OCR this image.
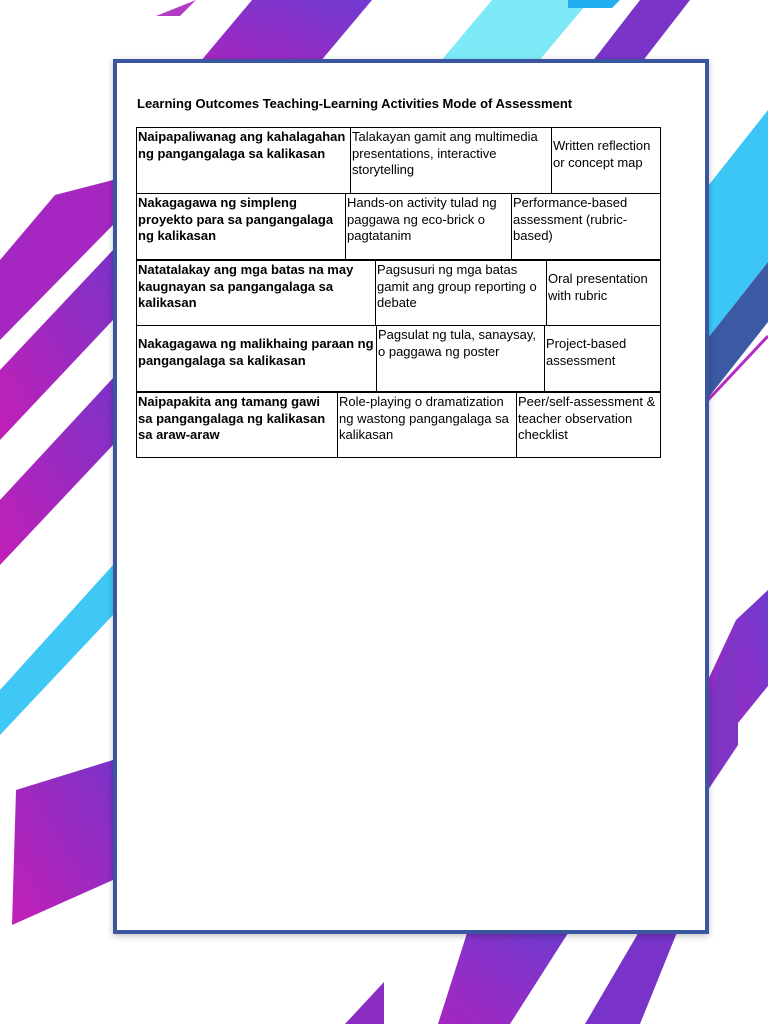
Learning Outcomes Teaching-Learning Activities Mode of Assessment
Naipapaliwanag ang kahalagahan ng pangangalaga sa kalikasan
Talakayan gamit ang multimedia presentations, interactive storytelling
Written reflection or concept map
Nakagagawa ng simpleng proyekto para sa pangangalaga ng kalikasan
Hands-on activity tulad ng paggawa ng eco-brick o pagtatanim
Performance-based assessment (rubric-based)
Natatalakay ang mga batas na may kaugnayan sa pangangalaga sa kalikasan
Pagsusuri ng mga batas gamit ang group reporting o debate
Oral presentation with rubric
Nakagagawa ng malikhaing paraan ng pangangalaga sa kalikasan
Pagsulat ng tula, sanaysay, o paggawa ng poster	Project-based assessment
Naipapakita ang tamang gawi sa pangangalaga ng kalikasan sa araw-araw
Role-playing o dramatization ng wastong pangangalaga sa kalikasan
Peer/self-assessment & teacher observation checklist
